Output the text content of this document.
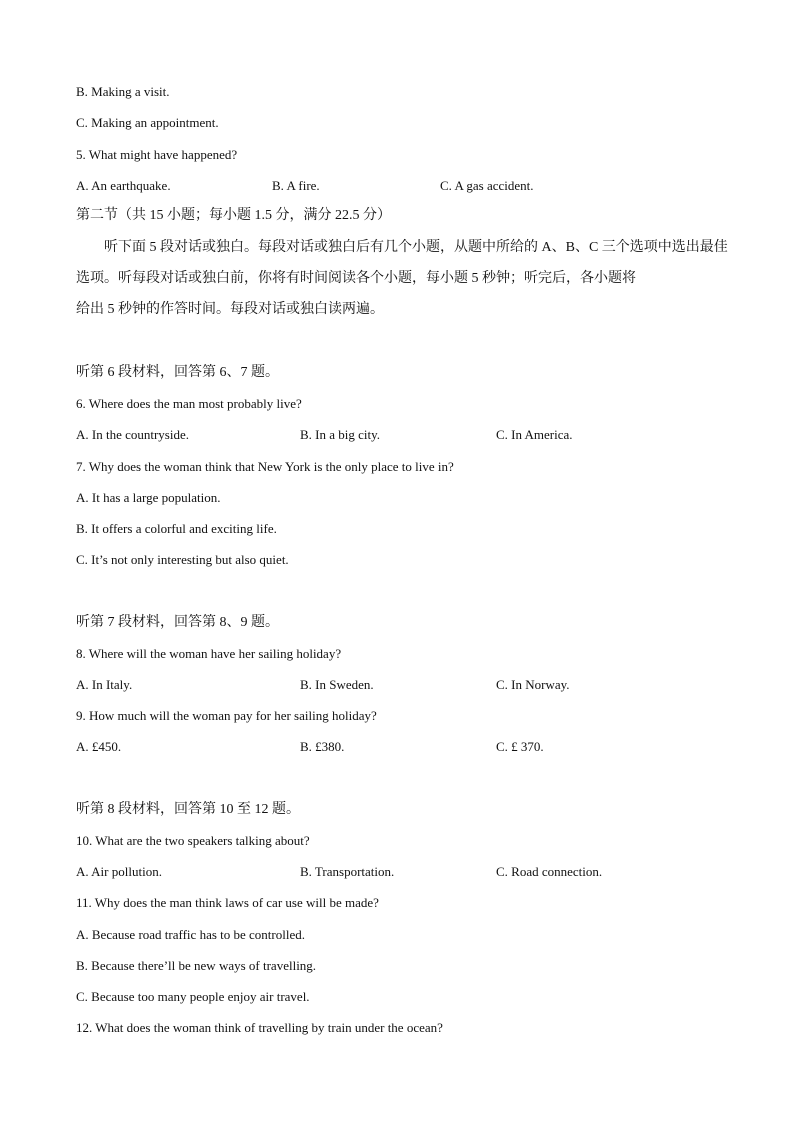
B. Making a visit.
C. Making an appointment.
5. What might have happened?
A. An earthquake.	B. A fire.	C. A gas accident.
第二节（共 15 小题；每小题 1.5 分，满分 22.5 分）
听下面 5 段对话或独白。每段对话或独白后有几个小题，从题中所给的 A、B、C 三个选项中选出最佳
选项。听每段对话或独白前，你将有时间阅读各个小题，每小题 5 秒钟；听完后，各小题将
给出 5 秒钟的作答时间。每段对话或独白读两遍。
听第 6 段材料，回答第 6、7 题。
6. Where does the man most probably live?
A. In the countryside.	B. In a big city.	C. In America.
7. Why does the woman think that New York is the only place to live in?
A. It has a large population.
B. It offers a colorful and exciting life.
C. It’s not only interesting but also quiet.
听第 7 段材料，回答第 8、9 题。
8. Where will the woman have her sailing holiday?
A. In Italy.	B. In Sweden.	C. In Norway.
9. How much will the woman pay for her sailing holiday?
A. £450.	B. £380.	C. £ 370.
听第 8 段材料，回答第 10 至 12 题。
10. What are the two speakers talking about?
A. Air pollution.	B. Transportation.	C. Road connection.
11. Why does the man think laws of car use will be made?
A. Because road traffic has to be controlled.
B. Because there’ll be new ways of travelling.
C. Because too many people enjoy air travel.
12. What does the woman think of travelling by train under the ocean?
